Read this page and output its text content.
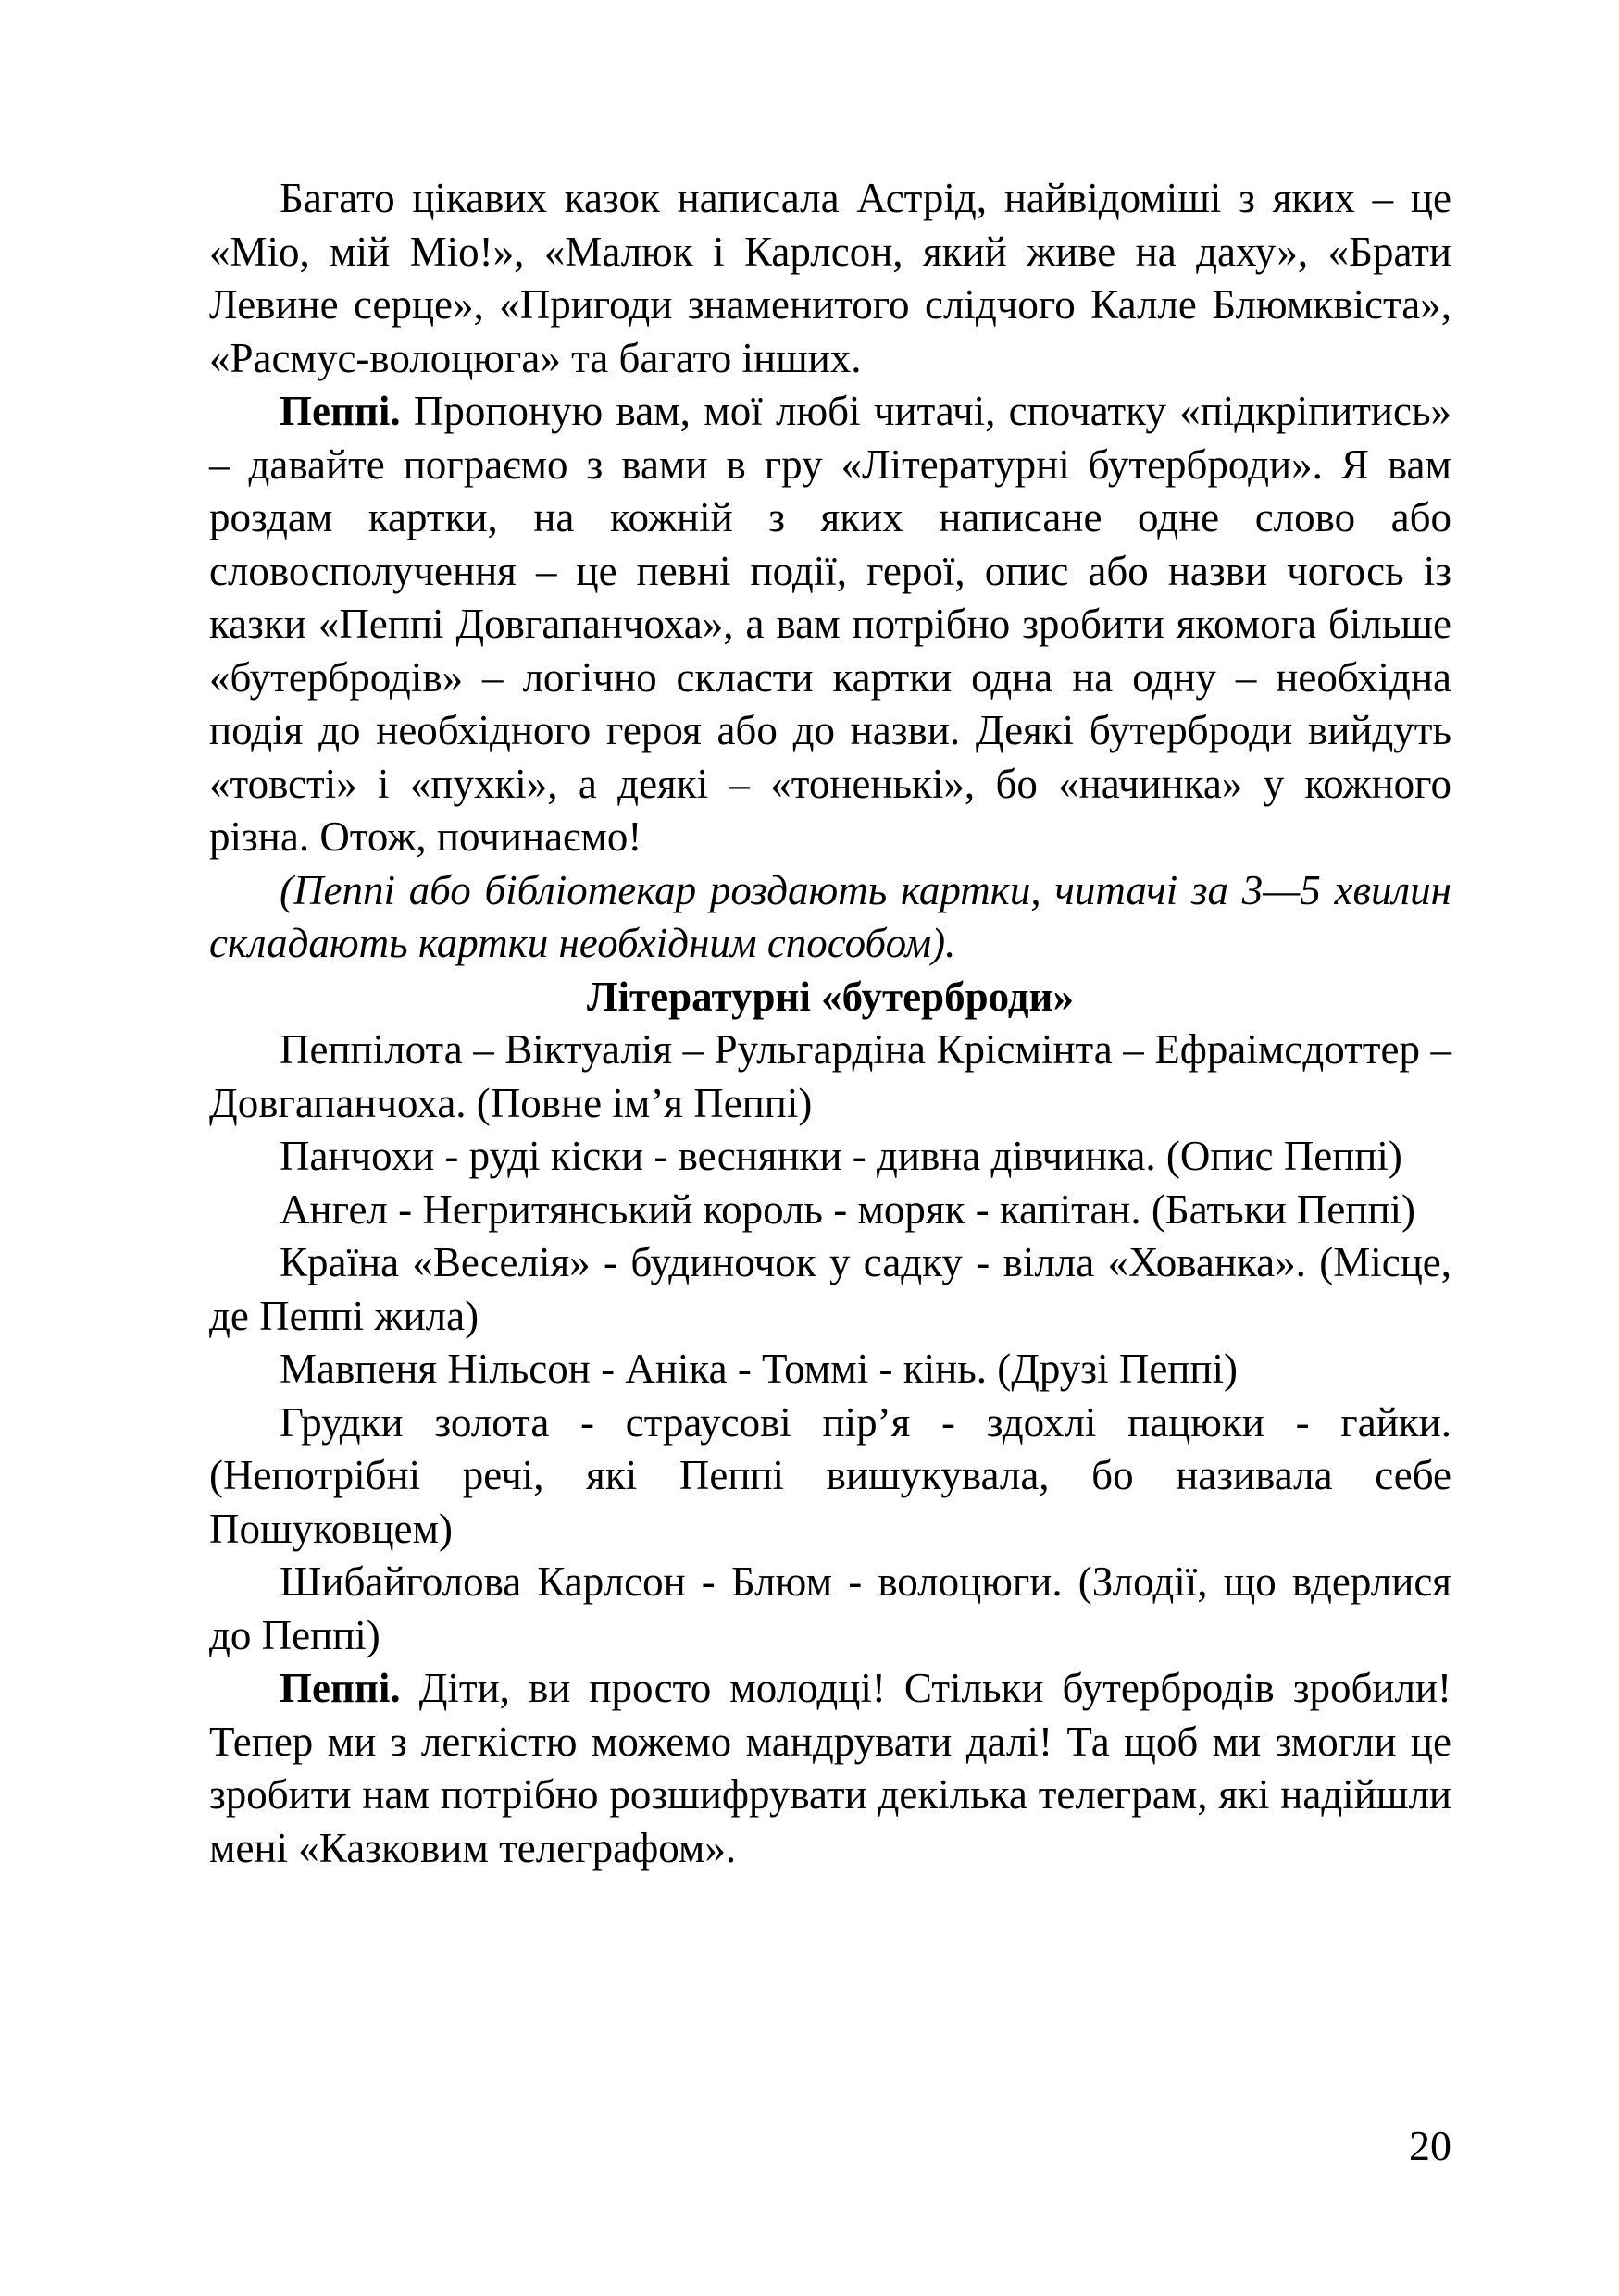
Багато цікавих казок написала Астрід, найвідоміші з яких – це «Міо, мій Міо!», «Малюк і Карлсон, який живе на даху», «Брати Левине серце», «Пригоди знаменитого слідчого Калле Блюмквіста», «Расмус-волоцюга» та багато інших.

Пеппі. Пропоную вам, мої любі читачі, спочатку «підкріпитись» – давайте пограємо з вами в гру «Літературні бутерброди». Я вам роздам картки, на кожній з яких написане одне слово або словосполучення – це певні події, герої, опис або назви чогось із казки «Пеппі Довгапанчоха», а вам потрібно зробити якомога більше «бутербродів» – логічно скласти картки одна на одну – необхідна подія до необхідного героя або до назви. Деякі бутерброди вийдуть «товсті» і «пухкі», а деякі – «тоненькі», бо «начинка» у кожного різна. Отож, починаємо!

(Пеппі або бібліотекар роздають картки, читачі за 3—5 хвилин складають картки необхідним способом).

Літературні «бутерброди»

Пеппілота – Віктуалія – Рульгардіна Крісмінта – Ефраімсдоттер – Довгапанчоха. (Повне ім’я Пеппі)

Панчохи - руді кіски - веснянки - дивна дівчинка. (Опис Пеппі)

Ангел - Негритянський король - моряк - капітан. (Батьки Пеппі)

Країна «Веселія» - будиночок у садку - вілла «Хованка». (Місце, де Пеппі жила)

Мавпеня Нільсон - Аніка - Томмі - кінь. (Друзі Пеппі)

Грудки золота - страусові пір’я - здохлі пацюки - гайки. (Непотрібні речі, які Пеппі вишукувала, бо називала себе Пошуковцем)

Шибайголова Карлсон - Блюм - волоцюги. (Злодії, що вдерлися до Пеппі)

Пеппі. Діти, ви просто молодці! Стільки бутербродів зробили! Тепер ми з легкістю можемо мандрувати далі! Та щоб ми змогли це зробити нам потрібно розшифрувати декілька телеграм, які надійшли мені «Казковим телеграфом».

20
